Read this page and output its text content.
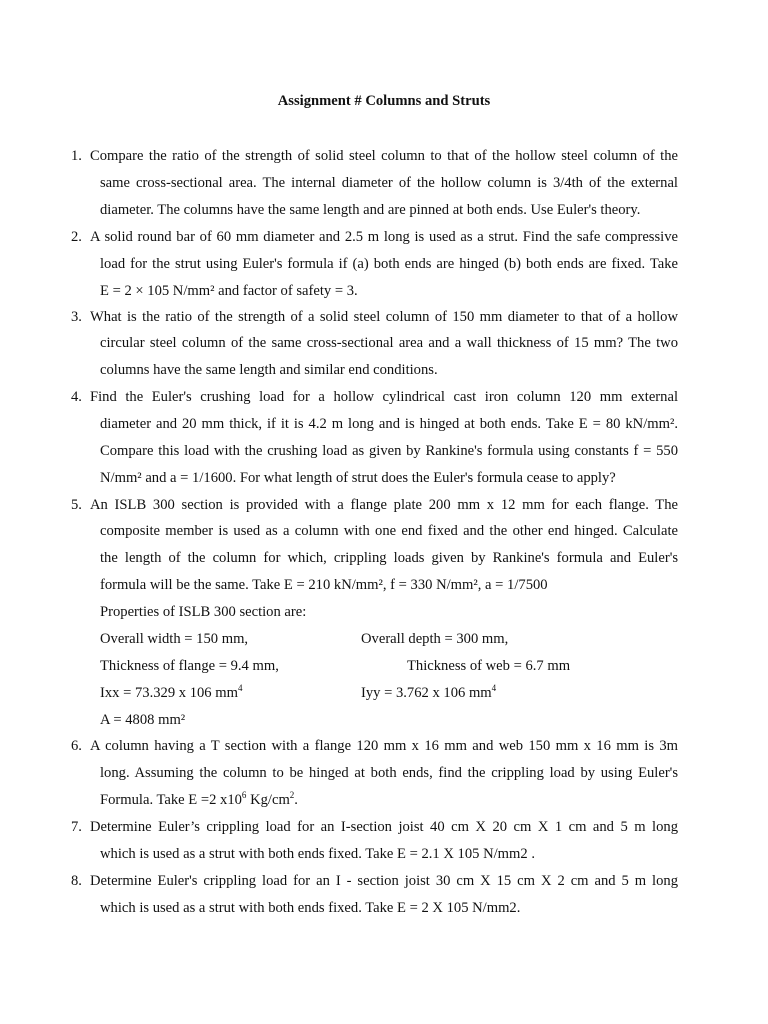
Assignment # Columns and Struts
1. Compare the ratio of the strength of solid steel column to that of the hollow steel column of the
same cross-sectional area. The internal diameter of the hollow column is 3/4th of the external
diameter. The columns have the same length and are pinned at both ends. Use Euler's theory.
2. A solid round bar of 60 mm diameter and 2.5 m long is used as a strut. Find the safe compressive
load for the strut using Euler's formula if (a) both ends are hinged (b) both ends are fixed. Take
E = 2 × 105 N/mm² and factor of safety = 3.
3. What is the ratio of the strength of a solid steel column of 150 mm diameter to that of a hollow
circular steel column of the same cross-sectional area and a wall thickness of 15 mm? The two
columns have the same length and similar end conditions.
4. Find the Euler's crushing load for a hollow cylindrical cast iron column 120 mm external
diameter and 20 mm thick, if it is 4.2 m long and is hinged at both ends. Take E = 80 kN/mm².
Compare this load with the crushing load as given by Rankine's formula using constants f = 550
N/mm² and a = 1/1600. For what length of strut does the Euler's formula cease to apply?
5. An ISLB 300 section is provided with a flange plate 200 mm x 12 mm for each flange. The
composite member is used as a column with one end fixed and the other end hinged. Calculate
the length of the column for which, crippling loads given by Rankine's formula and Euler's
formula will be the same. Take E = 210 kN/mm², f = 330 N/mm², a = 1/7500
Properties of ISLB 300 section are:
Overall width = 150 mm,	Overall depth = 300 mm,
Thickness of flange = 9.4 mm,	Thickness of web = 6.7 mm
Ixx = 73.329 x 106 $mm^4$	Iyy = 3.762 x 106 $mm^4$
A = 4808 mm²
6. A column having a T section with a flange 120 mm x 16 mm and web 150 mm x 16 mm is 3m
long. Assuming the column to be hinged at both ends, find the crippling load by using Euler's
Formula. Take E =2 $x10^6$ $Kg/cm^2$.
7. Determine Euler’s crippling load for an I-section joist 40 cm X 20 cm X 1 cm and 5 m long
which is used as a strut with both ends fixed. Take E = 2.1 X 105 N/mm2 .
8. Determine Euler's crippling load for an I - section joist 30 cm X 15 cm X 2 cm and 5 m long
which is used as a strut with both ends fixed. Take E = 2 X 105 N/mm2.
